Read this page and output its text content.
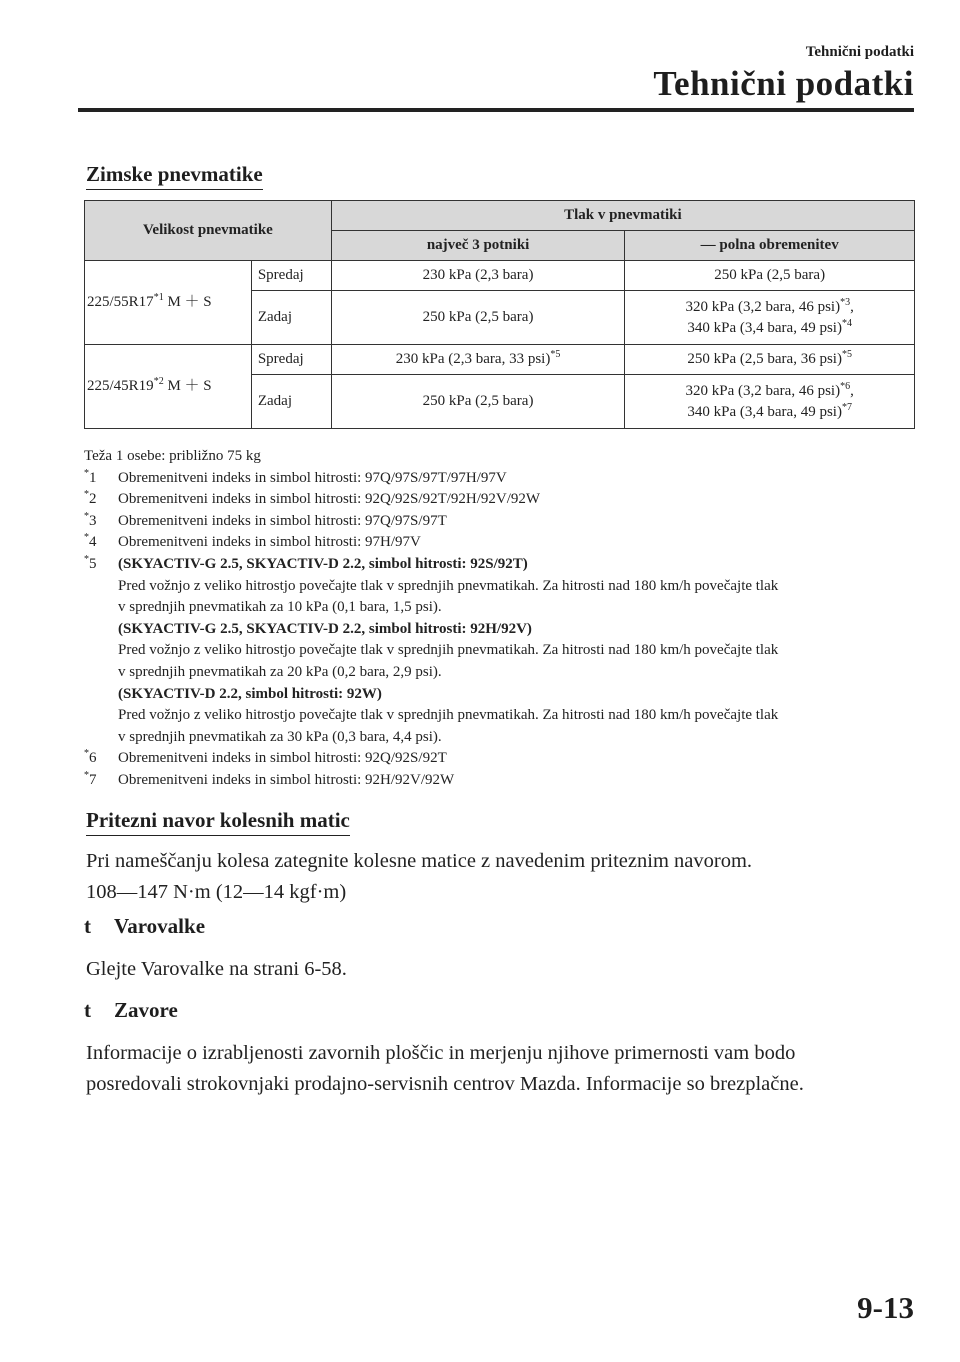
Tehnični podatki
Tehnični podatki
Zimske pnevmatike
Velikost pnevmatike		Tlak v pnevmatiki	
		največ 3 potniki	— polna obremenitev
225/55R17$^{*1}$ M ＋ S	Spredaj	230 kPa (2,3 bara)	250 kPa (2,5 bara)
	Zadaj	250 kPa (2,5 bara)	320 kPa (3,2 bara, 46 psi)$^{*3}$,
340 kPa (3,4 bara, 49 psi)$^{*4}$
225/45R19$^{*2}$ M ＋ S	Spredaj	230 kPa (2,3 bara, 33 psi)$^{*5}$	250 kPa (2,5 bara, 36 psi)$^{*5}$
	Zadaj	250 kPa (2,5 bara)	320 kPa (3,2 bara, 46 psi)$^{*6}$,
340 kPa (3,4 bara, 49 psi)$^{*7}$
Teža 1 osebe: približno 75 kg
*1	Obremenitveni indeks in simbol hitrosti: 97Q/97S/97T/97H/97V
*2	Obremenitveni indeks in simbol hitrosti: 92Q/92S/92T/92H/92V/92W
*3	Obremenitveni indeks in simbol hitrosti: 97Q/97S/97T
*4	Obremenitveni indeks in simbol hitrosti: 97H/97V
*5	(SKYACTIV-G 2.5, SKYACTIV-D 2.2, simbol hitrosti: 92S/92T)
Pred vožnjo z veliko hitrostjo povečajte tlak v sprednjih pnevmatikah. Za hitrosti nad 180 km/h povečajte tlak
v sprednjih pnevmatikah za 10 kPa (0,1 bara, 1,5 psi).
(SKYACTIV-G 2.5, SKYACTIV-D 2.2, simbol hitrosti: 92H/92V)
Pred vožnjo z veliko hitrostjo povečajte tlak v sprednjih pnevmatikah. Za hitrosti nad 180 km/h povečajte tlak
v sprednjih pnevmatikah za 20 kPa (0,2 bara, 2,9 psi).
(SKYACTIV-D 2.2, simbol hitrosti: 92W)
Pred vožnjo z veliko hitrostjo povečajte tlak v sprednjih pnevmatikah. Za hitrosti nad 180 km/h povečajte tlak
v sprednjih pnevmatikah za 30 kPa (0,3 bara, 4,4 psi).
*6	Obremenitveni indeks in simbol hitrosti: 92Q/92S/92T
*7	Obremenitveni indeks in simbol hitrosti: 92H/92V/92W
Pritezni navor kolesnih matic
Pri nameščanju kolesa zategnite kolesne matice z navedenim priteznim navorom.
108―147 N·m (12―14 kgf·m)
t	Varovalke
Glejte Varovalke na strani 6-58.
t	Zavore
Informacije o izrabljenosti zavornih ploščic in merjenju njihove primernosti vam bodo
posredovali strokovnjaki prodajno-servisnih centrov Mazda. Informacije so brezplačne.
9-13
